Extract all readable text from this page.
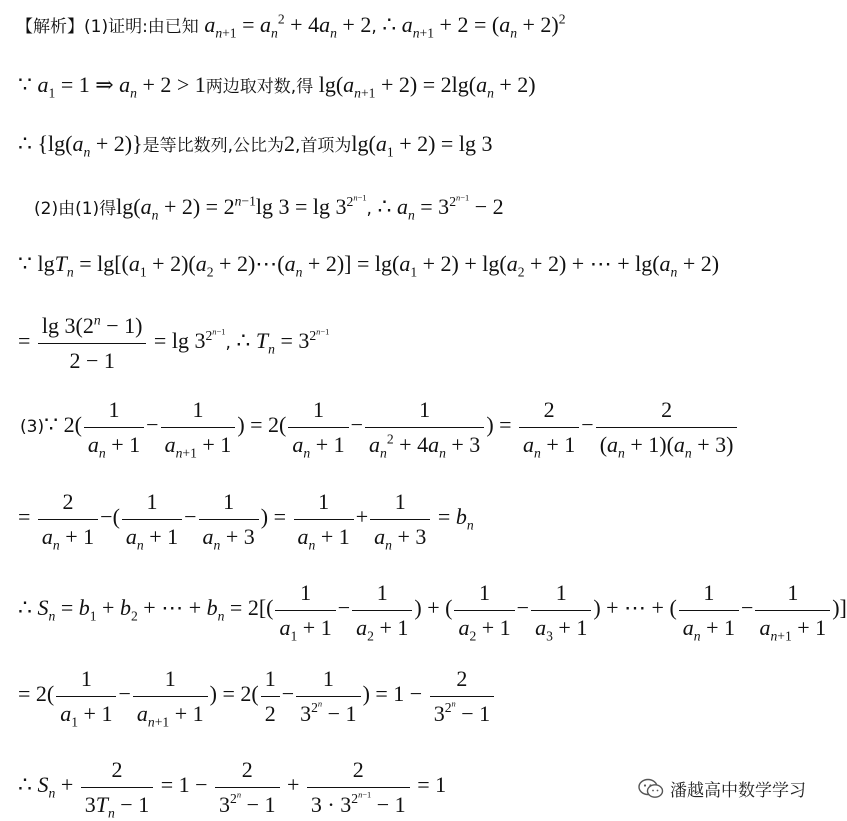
【解析】(1)证明:由已知 $a_{n+1} = a_n^2 + 4a_n + 2$, ∴ $a_{n+1} + 2 = (a_n + 2)^2$
∵ $a_1 = 1$ ⇒ $a_n + 2 > 1$两边取对数,得 $\lg(a_{n+1} + 2) = 2\lg(a_n + 2)$
∴ $\{\lg(a_n + 2)\}$是等比数列,公比为2,首项为$\lg(a_1 + 2) = \lg 3$
(2)由(1)得$\lg(a_n + 2) = 2^{n-1}\lg$ $3 = \lg 3^{2^{n-1}}$, ∴ $a_n = 3^{2^{n-1}} - 2$
∵ $\lg T_n = \lg[(a_1 + 2)(a_2$ + $2)\cdots(a_n + 2)] = \lg(a_1 + 2) + \lg(a_2 + 2)$ + ⋯ + $\lg(a_n + 2)$
= $\frac{\lg 3(2^n - 1)}{2 - 1} = \lg 3^{2^{n-1}}$, ∴ $T_n = 3^{2^{n-1}}$
(3)∵ $2( \frac{1}{a_n + 1} - \frac{1}{a_{n+1} + 1}$ ) = $2( \frac{1}{a_n + 1} - \frac{1}{a_n^2 + 4a_n + 3}$ ) = $\frac{2}{a_n + 1} - \frac{2}{(a_n + 1)(a_n + 3)}$
= $\frac{2}{a_n + 1}$ −( $\frac{1}{a_n + 1} - \frac{1}{a_n + 3}$ ) = $\frac{1}{a_n + 1} + \frac{1}{a_n + 3} = b_n$
∴ $S_n = b_1 + b_2$ + ⋯ + $b_n = 2[( \frac{1}{a_1 + 1} - \frac{1}{a_2 + 1}$ ) + ( $\frac{1}{a_2 + 1} - \frac{1}{a_3 + 1}$ ) + ⋯ + ( $\frac{1}{a_n + 1} - \frac{1}{a_{n+1} + 1}$ )]
= $2( \frac{1}{a_1 + 1} - \frac{1}{a_{n+1} + 1}$ ) = $2( \frac{1}{2} - \frac{1}{3^{2^n} - 1}$ ) = $1 - \frac{2}{3^{2^n} - 1}$
∴ $S_n + \frac{2}{3T_n - 1} = 1 - \frac{2}{3^{2^n} - 1} + \frac{2}{3 \cdot 3^{2^{n-1}} - 1} = 1$	潘越高中数学学习
